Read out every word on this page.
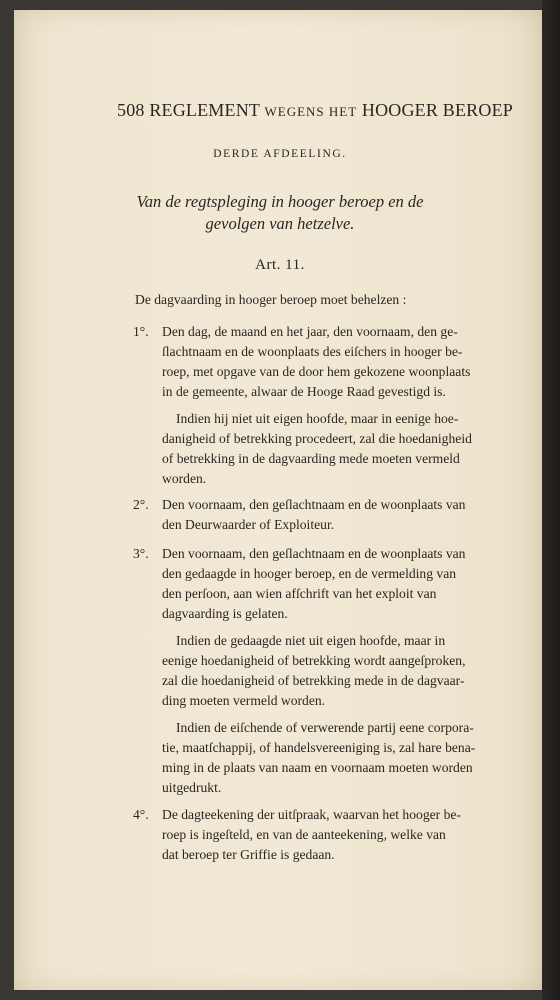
508 REGLEMENT WEGENS HET HOOGER BEROEP
DERDE AFDEELING.
Van de regtspleging in hooger beroep en de
gevolgen van hetzelve.
Art. 11.
De dagvaarding in hooger beroep moet behelzen :
1°. Den dag, de maand en het jaar, den voornaam, den ge-
ſlachtnaam en de woonplaats des eiſchers in hooger be-
roep, met opgave van de door hem gekozene woonplaats
in de gemeente, alwaar de Hooge Raad gevestigd is.
Indien hij niet uit eigen hoofde, maar in eenige hoe-
danigheid of betrekking procedeert, zal die hoedanigheid
of betrekking in de dagvaarding mede moeten vermeld
worden.
2°. Den voornaam, den geſlachtnaam en de woonplaats van
den Deurwaarder of Exploiteur.
3°. Den voornaam, den geſlachtnaam en de woonplaats van
den gedaagde in hooger beroep, en de vermelding van
den perſoon, aan wien afſchrift van het exploit van
dagvaarding is gelaten.
Indien de gedaagde niet uit eigen hoofde, maar in
eenige hoedanigheid of betrekking wordt aangeſproken,
zal die hoedanigheid of betrekking mede in de dagvaar-
ding moeten vermeld worden.
Indien de eiſchende of verwerende partij eene corpora-
tie, maatſchappij, of handelsvereeniging is, zal hare bena-
ming in de plaats van naam en voornaam moeten worden
uitgedrukt.
4°. De dagteekening der uitſpraak, waarvan het hooger be-
roep is ingeſteld, en van de aanteekening, welke van
dat beroep ter Griffie is gedaan.
